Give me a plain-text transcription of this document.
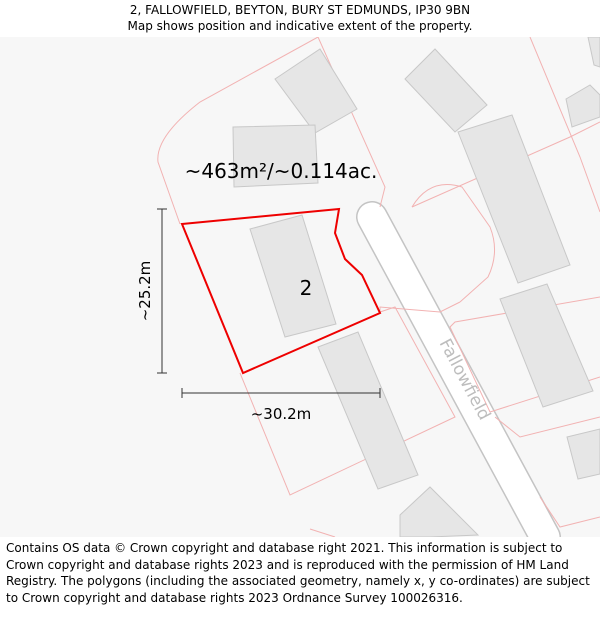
2, FALLOWFIELD, BEYTON, BURY ST EDMUNDS, IP30 9BN
Map shows position and indicative extent of the property.
~463m²/~0.114ac.
2
Fallowfield
~25.2m
~30.2m
Contains OS data © Crown copyright and database right 2021. This information is subject to Crown copyright and database rights 2023 and is reproduced with the permission of HM Land Registry. The polygons (including the associated geometry, namely x, y co-ordinates) are subject to Crown copyright and database rights 2023 Ordnance Survey 100026316.
